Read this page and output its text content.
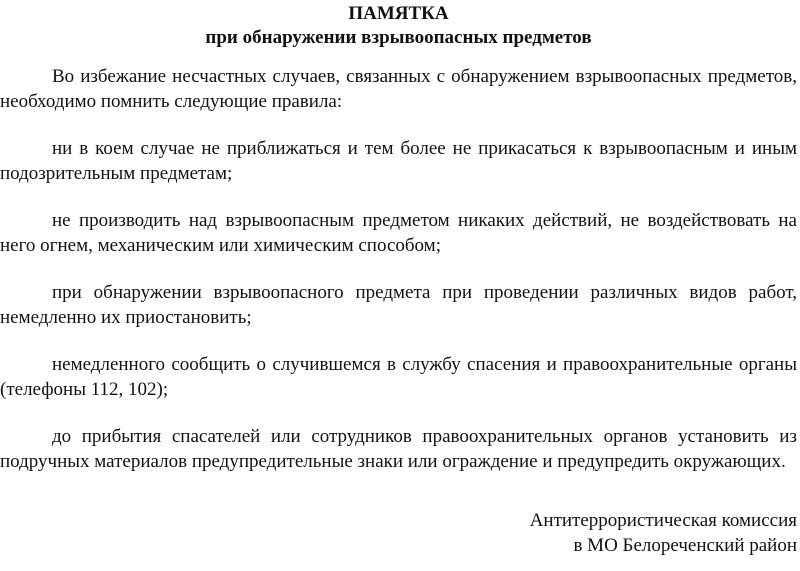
ПАМЯТКА
при обнаружении взрывоопасных предметов

Во избежание несчастных случаев, связанных с обнаружением взрывоопасных предметов, необходимо помнить следующие правила:

ни в коем случае не приближаться и тем более не прикасаться к взрывоопасным и иным подозрительным предметам;

не производить над взрывоопасным предметом никаких действий, не воздействовать на него огнем, механическим или химическим способом;

при обнаружении взрывоопасного предмета при проведении различных видов работ, немедленно их приостановить;

немедленного сообщить о случившемся в службу спасения и правоохранительные органы (телефоны 112, 102);

до прибытия спасателей или сотрудников правоохранительных органов установить из подручных материалов предупредительные знаки или ограждение и предупредить окружающих.

Антитеррористическая комиссия
в МО Белореченский район
